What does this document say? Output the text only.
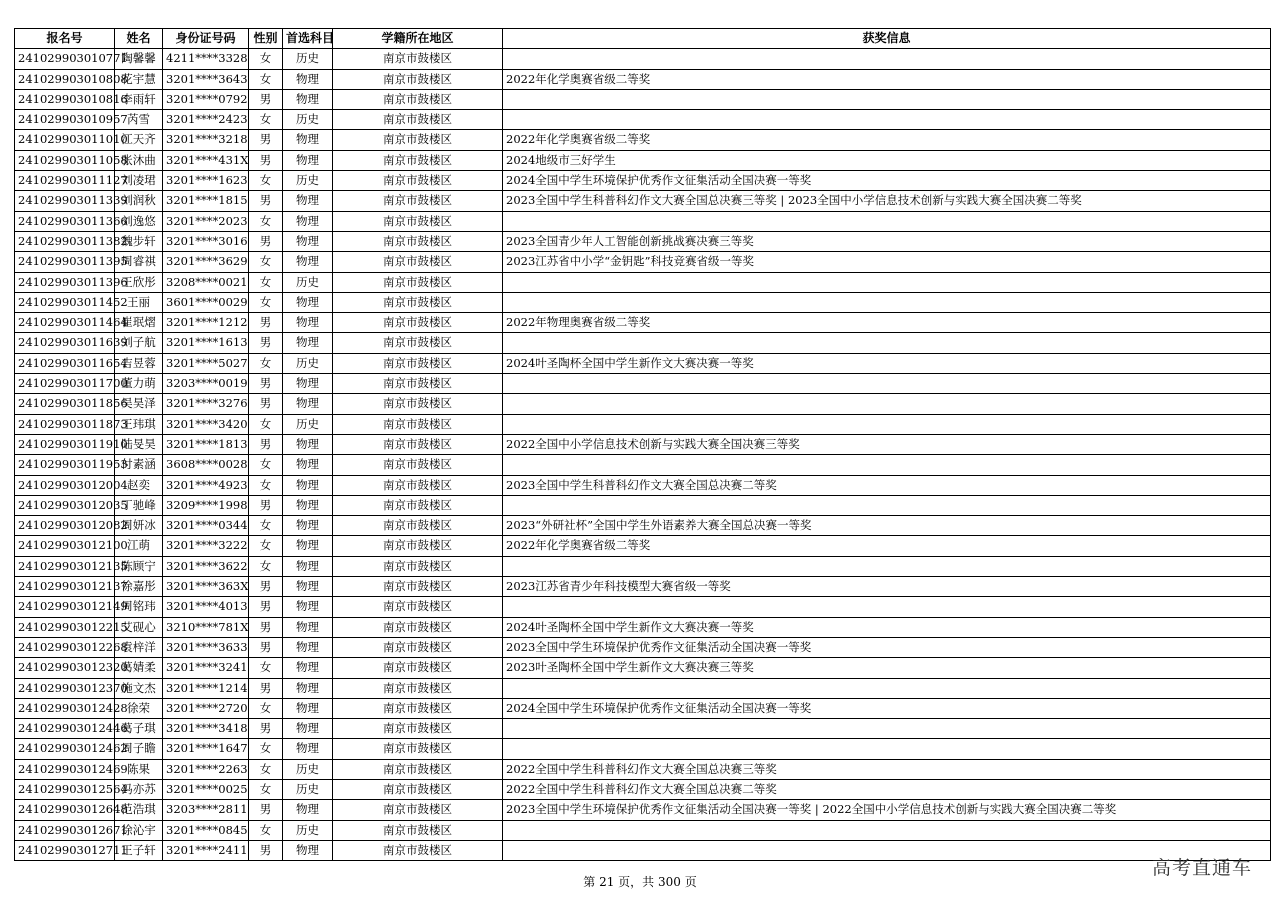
报名号	姓名	身份证号码	性别	首选科目	学籍所在地区	获奖信息
241029903010771	陶馨馨	4211****3328	女	历史	南京市鼓楼区	
241029903010808	花宇慧	3201****3643	女	物理	南京市鼓楼区	2022年化学奥赛省级二等奖
241029903010816	李雨轩	3201****0792	男	物理	南京市鼓楼区	
241029903010957	芮雪	3201****2423	女	历史	南京市鼓楼区	
241029903011010	江天齐	3201****3218	男	物理	南京市鼓楼区	2022年化学奥赛省级二等奖
241029903011058	张沐曲	3201****431X	男	物理	南京市鼓楼区	2024地级市三好学生
241029903011127	刘凌珺	3201****1623	女	历史	南京市鼓楼区	2024全国中学生环境保护优秀作文征集活动全国决赛一等奖
241029903011339	刘润秋	3201****1815	男	物理	南京市鼓楼区	2023全国中学生科普科幻作文大赛全国总决赛三等奖 | 2023全国中小学信息技术创新与实践大赛全国决赛二等奖
241029903011366	刘逸悠	3201****2023	女	物理	南京市鼓楼区	
241029903011382	魏步轩	3201****3016	男	物理	南京市鼓楼区	2023全国青少年人工智能创新挑战赛决赛三等奖
241029903011395	周睿祺	3201****3629	女	物理	南京市鼓楼区	2023江苏省中小学“金钥匙”科技竞赛省级一等奖
241029903011396	王欣彤	3208****0021	女	历史	南京市鼓楼区	
241029903011452	王丽	3601****0029	女	物理	南京市鼓楼区	
241029903011464	崔珉熠	3201****1212	男	物理	南京市鼓楼区	2022年物理奥赛省级二等奖
241029903011639	刘子航	3201****1613	男	物理	南京市鼓楼区	
241029903011654	吉昱蓉	3201****5027	女	历史	南京市鼓楼区	2024叶圣陶杯全国中学生新作文大赛决赛一等奖
241029903011700	董力萌	3203****0019	男	物理	南京市鼓楼区	
241029903011856	吴昊泽	3201****3276	男	物理	南京市鼓楼区	
241029903011873	王玮琪	3201****3420	女	历史	南京市鼓楼区	
241029903011910	陆旻昊	3201****1813	男	物理	南京市鼓楼区	2022全国中小学信息技术创新与实践大赛全国决赛三等奖
241029903011953	付素涵	3608****0028	女	物理	南京市鼓楼区	
241029903012004	赵奕	3201****4923	女	物理	南京市鼓楼区	2023全国中学生科普科幻作文大赛全国总决赛二等奖
241029903012035	丁驰峰	3209****1998	男	物理	南京市鼓楼区	
241029903012082	周妍冰	3201****0344	女	物理	南京市鼓楼区	2023“外研社杯”全国中学生外语素养大赛全国总决赛一等奖
241029903012100	江萌	3201****3222	女	物理	南京市鼓楼区	2022年化学奥赛省级二等奖
241029903012135	陈顾宁	3201****3622	女	物理	南京市鼓楼区	
241029903012137	徐嘉彤	3201****363X	男	物理	南京市鼓楼区	2023江苏省青少年科技模型大赛省级一等奖
241029903012149	周铭玮	3201****4013	男	物理	南京市鼓楼区	
241029903012215	艾砚心	3210****781X	男	物理	南京市鼓楼区	2024叶圣陶杯全国中学生新作文大赛决赛一等奖
241029903012268	袁梓洋	3201****3633	男	物理	南京市鼓楼区	2023全国中学生环境保护优秀作文征集活动全国决赛一等奖
241029903012320	葛婧柔	3201****3241	女	物理	南京市鼓楼区	2023叶圣陶杯全国中学生新作文大赛决赛三等奖
241029903012370	施文杰	3201****1214	男	物理	南京市鼓楼区	
241029903012428	徐荣	3201****2720	女	物理	南京市鼓楼区	2024全国中学生环境保护优秀作文征集活动全国决赛一等奖
241029903012446	葛子琪	3201****3418	男	物理	南京市鼓楼区	
241029903012462	周子瞻	3201****1647	女	物理	南京市鼓楼区	
241029903012469	陈果	3201****2263	女	历史	南京市鼓楼区	2022全国中学生科普科幻作文大赛全国总决赛三等奖
241029903012564	冯亦苏	3201****0025	女	历史	南京市鼓楼区	2022全国中学生科普科幻作文大赛全国总决赛二等奖
241029903012648	范浩琪	3203****2811	男	物理	南京市鼓楼区	2023全国中学生环境保护优秀作文征集活动全国决赛一等奖 | 2022全国中小学信息技术创新与实践大赛全国决赛二等奖
241029903012671	徐沁宇	3201****0845	女	历史	南京市鼓楼区	
241029903012711	王子轩	3201****2411	男	物理	南京市鼓楼区	
第 21 页，共 300 页
高考直通车
